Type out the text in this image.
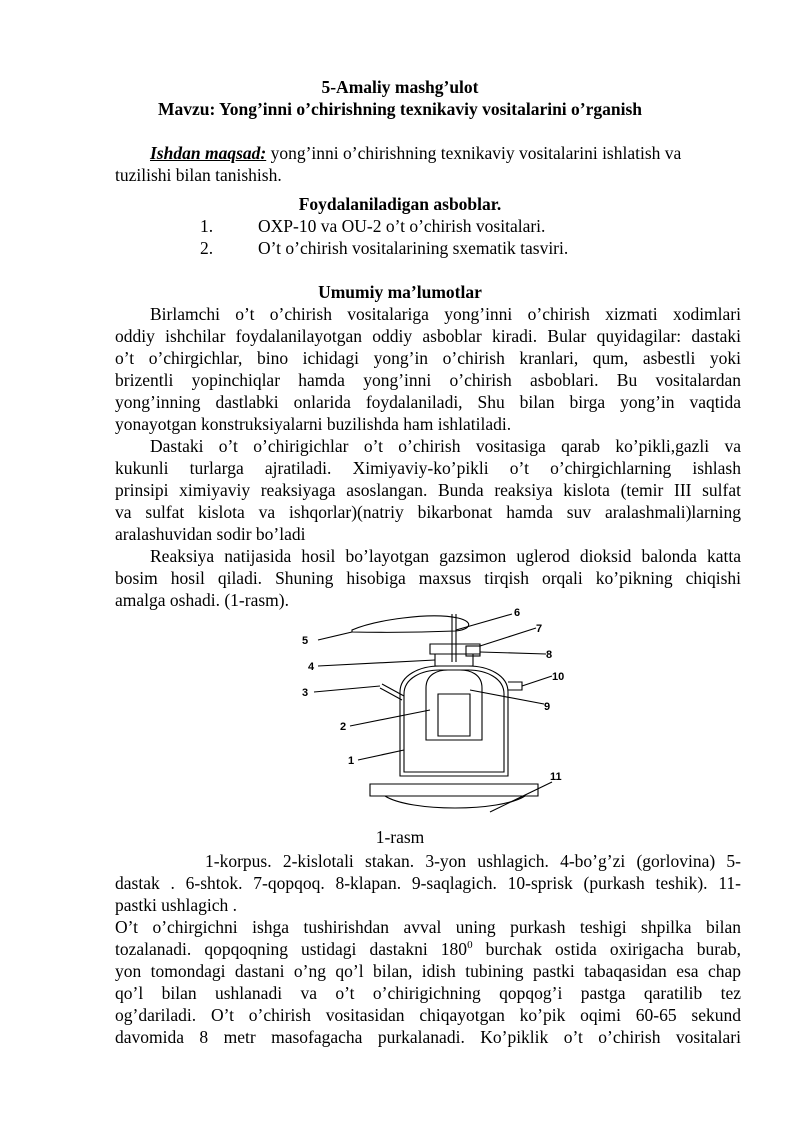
5-Amaliy mashg’ulot
Mavzu: Yong’inni o’chirishning texnikaviy vositalarini o’rganish
Ishdan maqsad: yong’inni o’chirishning texnikaviy vositalarini ishlatish va
tuzilishi bilan tanishish.
Foydalaniladigan asboblar.
1.	OXP-10 va OU-2 o’t o’chirish vositalari.
2.	O’t o’chirish vositalarining sxematik tasviri.
Umumiy ma’lumotlar
Birlamchi o’t o’chirish vositalariga yong’inni o’chirish xizmati xodimlari
oddiy ishchilar foydalanilayotgan oddiy asboblar kiradi. Bular quyidagilar: dastaki
o’t o’chirgichlar, bino ichidagi yong’in o’chirish kranlari, qum, asbestli yoki
brizentli yopinchiqlar hamda yong’inni o’chirish asboblari. Bu vositalardan
yong’inning dastlabki onlarida foydalaniladi, Shu bilan birga yong’in vaqtida
yonayotgan konstruksiyalarni buzilishda ham ishlatiladi.
Dastaki o’t o’chirigichlar o’t o’chirish vositasiga qarab ko’pikli,gazli va
kukunli turlarga ajratiladi. Ximiyaviy-ko’pikli o’t o’chirgichlarning ishlash
prinsipi ximiyaviy reaksiyaga asoslangan. Bunda reaksiya kislota (temir III sulfat
va sulfat kislota va ishqorlar)(natriy bikarbonat hamda suv aralashmali)larning
aralashuvidan sodir bo’ladi
Reaksiya natijasida hosil bo’layotgan gazsimon uglerod dioksid balonda katta
bosim hosil qiladi. Shuning hisobiga maxsus tirqish orqali ko’pikning chiqishi
amalga oshadi. (1-rasm).
5
4
3
2
1
6
7
8
10
9
11
1-rasm
1-korpus. 2-kislotali stakan. 3-yon ushlagich. 4-bo’g’zi (gorlovina) 5-
dastak . 6-shtok. 7-qopqoq. 8-klapan. 9-saqlagich. 10-sprisk (purkash teshik). 11-
pastki ushlagich .
O’t o’chirgichni ishga tushirishdan avval uning purkash teshigi shpilka bilan
tozalanadi. qopqoqning ustidagi dastakni $180^0$ burchak ostida oxirigacha burab,
yon tomondagi dastani o’ng qo’l bilan, idish tubining pastki tabaqasidan esa chap
qo’l bilan ushlanadi va o’t o’chirigichning qopqog’i pastga qaratilib tez
og’dariladi. O’t o’chirish vositasidan chiqayotgan ko’pik oqimi 60-65 sekund
davomida 8 metr masofagacha purkalanadi. Ko’piklik o’t o’chirish vositalari
